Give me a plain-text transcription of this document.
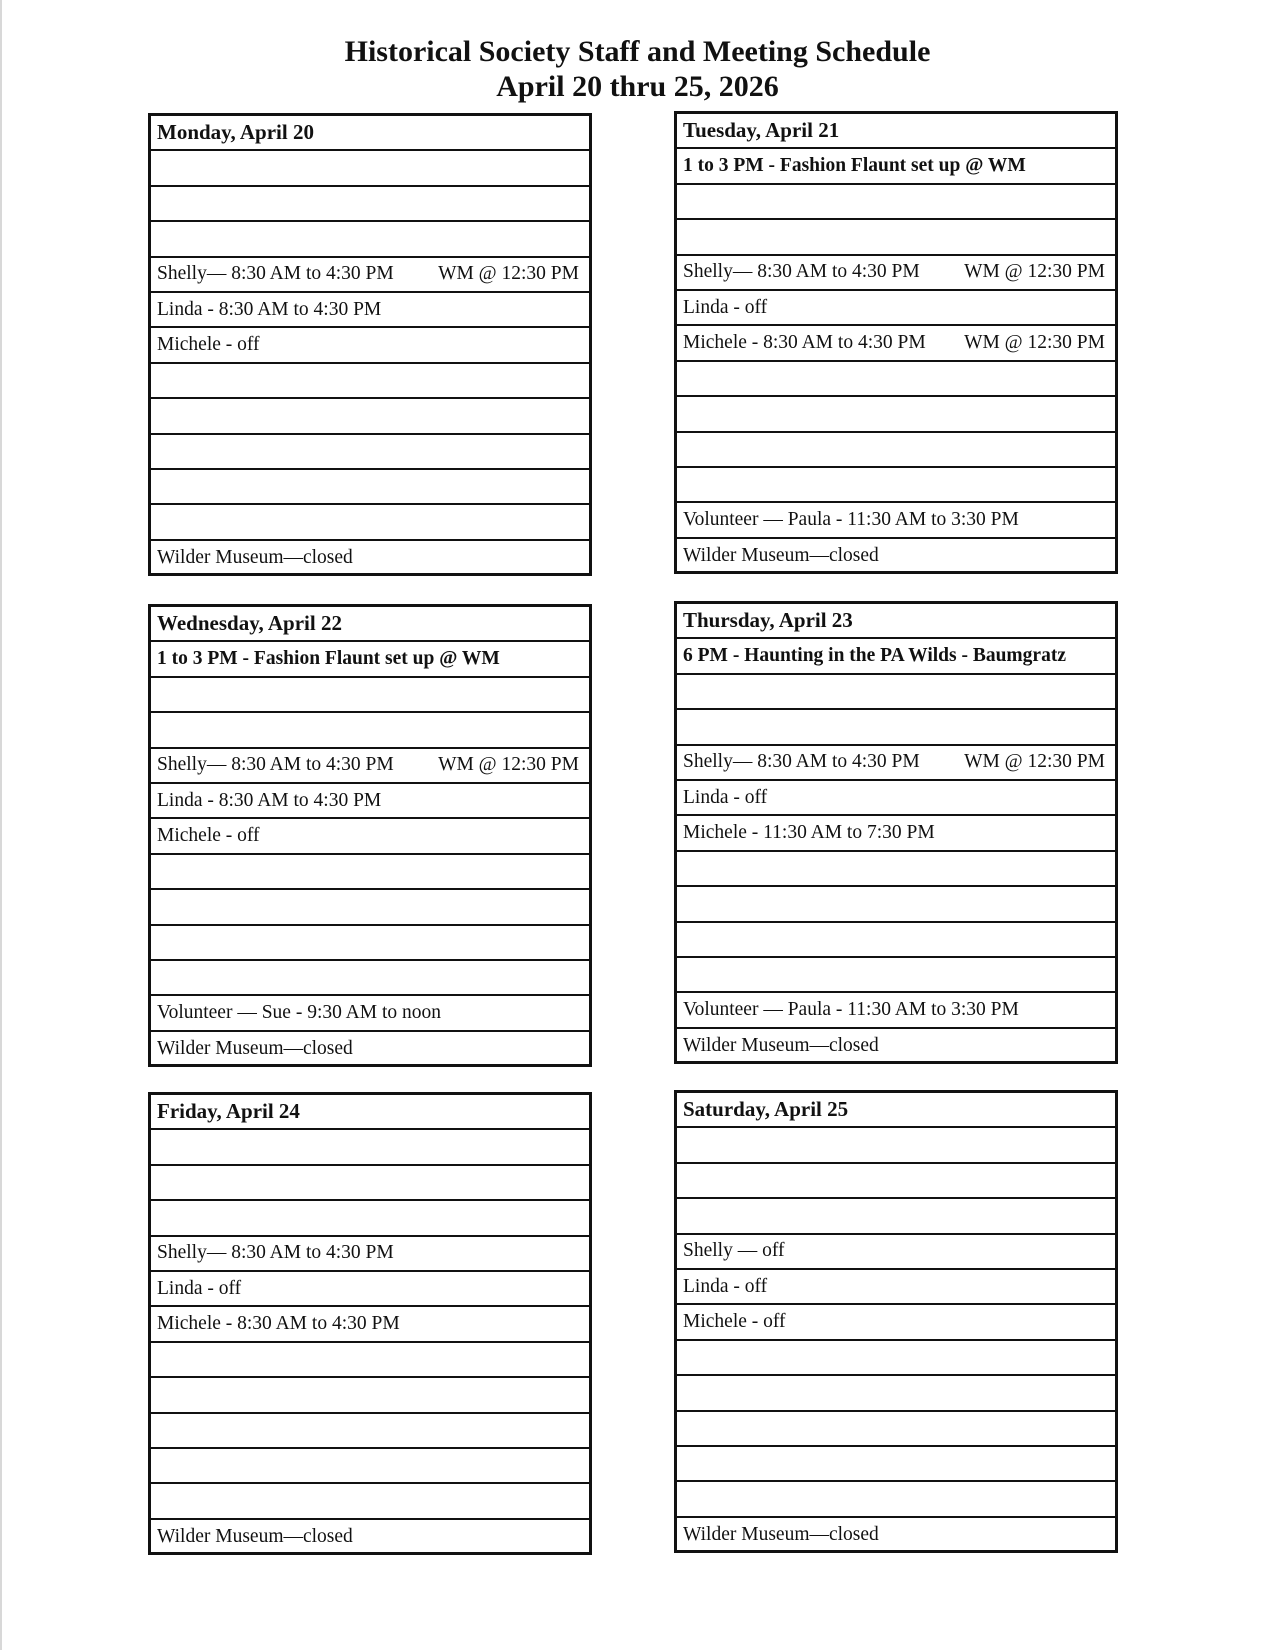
Historical Society Staff and Meeting Schedule
April 20 thru 25, 2026
Monday, April 20
Shelly— 8:30 AM to 4:30 PM WM @ 12:30 PM
Linda - 8:30 AM to 4:30 PM
Michele - off
Wilder Museum—closed
Tuesday, April 21
1 to 3 PM - Fashion Flaunt set up @ WM
Shelly— 8:30 AM to 4:30 PM WM @ 12:30 PM
Linda - off
Michele - 8:30 AM to 4:30 PM WM @ 12:30 PM
Volunteer — Paula - 11:30 AM to 3:30 PM
Wilder Museum—closed
Wednesday, April 22
1 to 3 PM - Fashion Flaunt set up @ WM
Shelly— 8:30 AM to 4:30 PM WM @ 12:30 PM
Linda - 8:30 AM to 4:30 PM
Michele - off
Volunteer — Sue - 9:30 AM to noon
Wilder Museum—closed
Thursday, April 23
6 PM - Haunting in the PA Wilds - Baumgratz
Shelly— 8:30 AM to 4:30 PM WM @ 12:30 PM
Linda - off
Michele - 11:30 AM to 7:30 PM
Volunteer — Paula - 11:30 AM to 3:30 PM
Wilder Museum—closed
Friday, April 24
Shelly— 8:30 AM to 4:30 PM
Linda - off
Michele - 8:30 AM to 4:30 PM
Wilder Museum—closed
Saturday, April 25
Shelly — off
Linda - off
Michele - off
Wilder Museum—closed
